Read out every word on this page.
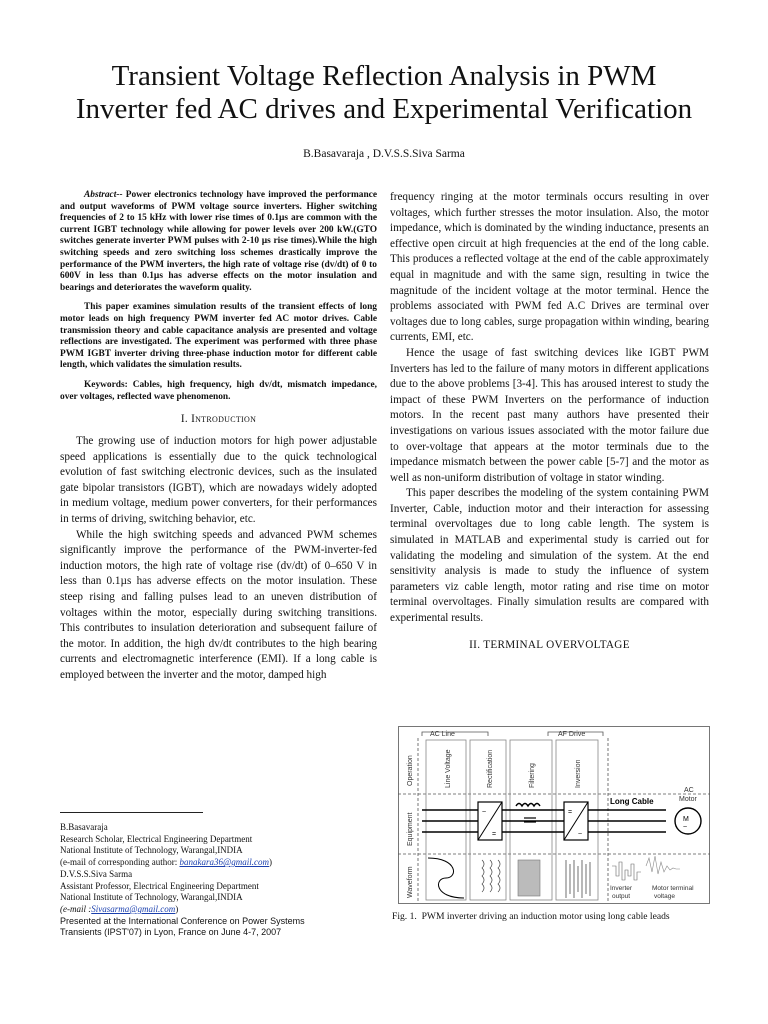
Transient Voltage Reflection Analysis in PWM
Inverter fed AC drives and Experimental Verification
B.Basavaraja , D.V.S.S.Siva Sarma

Abstract-- Power electronics technology have improved the performance and output waveforms of PWM voltage source inverters. Higher switching frequencies of 2 to 15 kHz with lower rise times of 0.1µs are common with the current IGBT technology while allowing for power levels over 200 kW.(GTO switches generate inverter PWM pulses with 2-10 µs rise times).While the high switching speeds and zero switching loss schemes drastically improve the performance of the PWM inverters, the high rate of voltage rise (dv/dt) of 0 to 600V in less than 0.1µs has adverse effects on the motor insulation and bearings and deteriorates the waveform quality.

This paper examines simulation results of the transient effects of long motor leads on high frequency PWM inverter fed AC motor drives. Cable transmission theory and cable capacitance analysis are presented and voltage reflections are investigated. The experiment was performed with three phase PWM IGBT inverter driving three-phase induction motor for different cable length, which validates the simulation results.

Keywords: Cables, high frequency, high dv/dt, mismatch impedance, over voltages, reflected wave phenomenon.

I. Introduction

The growing use of induction motors for high power adjustable speed applications is essentially due to the quick technological evolution of fast switching electronic devices, such as the insulated gate bipolar transistors (IGBT), which are nowadays widely adopted in medium voltage, medium power converters, for their performances in terms of driving, switching behavior, etc.

While the high switching speeds and advanced PWM schemes significantly improve the performance of the PWM-inverter-fed induction motors, the high rate of voltage rise (dv/dt) of 0–650 V in less than 0.1µs has adverse effects on the motor insulation. These steep rising and falling pulses lead to an uneven distribution of voltages within the motor, especially during switching transitions. This contributes to insulation deterioration and subsequent failure of the motor. In addition, the high dv/dt contributes to the high bearing currents and electromagnetic interference (EMI). If a long cable is employed between the inverter and the motor, damped high

B.Basavaraja
Research Scholar, Electrical Engineering Department
National Institute of Technology, Warangal,INDIA
(e-mail of corresponding author: banakara36@gmail.com)
D.V.S.S.Siva Sarma
Assistant Professor, Electrical Engineering Department
National Institute of Technology, Warangal,INDIA
(e-mail :Sivasarma@gmail.com)
Presented at the International Conference on Power Systems
Transients (IPST'07) in Lyon, France on June 4-7, 2007

frequency ringing at the motor terminals occurs resulting in over voltages, which further stresses the motor insulation. Also, the motor impedance, which is dominated by the winding inductance, presents an effective open circuit at high frequencies at the end of the long cable. This produces a reflected voltage at the end of the cable approximately equal in magnitude and with the same sign, resulting in twice the magnitude of the incident voltage at the motor terminal. Hence the problems associated with PWM fed A.C Drives are terminal over voltages due to long cables, surge propagation within winding, bearing currents, EMI, etc.

Hence the usage of fast switching devices like IGBT PWM Inverters has led to the failure of many motors in different applications due to the above problems [3-4]. This has aroused interest to study the impact of these PWM Inverters on the performance of induction motors. In the recent past many authors have presented their investigations on various issues associated with the motor failure due to over-voltage that appears at the motor terminals due to the impedance mismatch between the power cable [5-7] and the motor as well as non-uniform distribution of voltage in stator winding.

This paper describes the modeling of the system containing PWM Inverter, Cable, induction motor and their interaction for assessing terminal overvoltages due to long cable length. The system is simulated in MATLAB and experimental study is carried out for validating the modeling and simulation of the system. At the end sensitivity analysis is made to study the influence of system parameters viz cable length, motor rating and rise time on motor terminal overvoltages. Finally simulation results are compared with experimental results.

II. TERMINAL OVERVOLTAGE
AC Line	AF Drive
Operation
Equipment
Waveform
Line Voltage	Rectification	Filtering	Inversion
~
=
=
~
Long Cable
M
~
AC
Motor
Inverter
output
Motor terminal
voltage
Fig. 1. PWM inverter driving an induction motor using long cable leads
